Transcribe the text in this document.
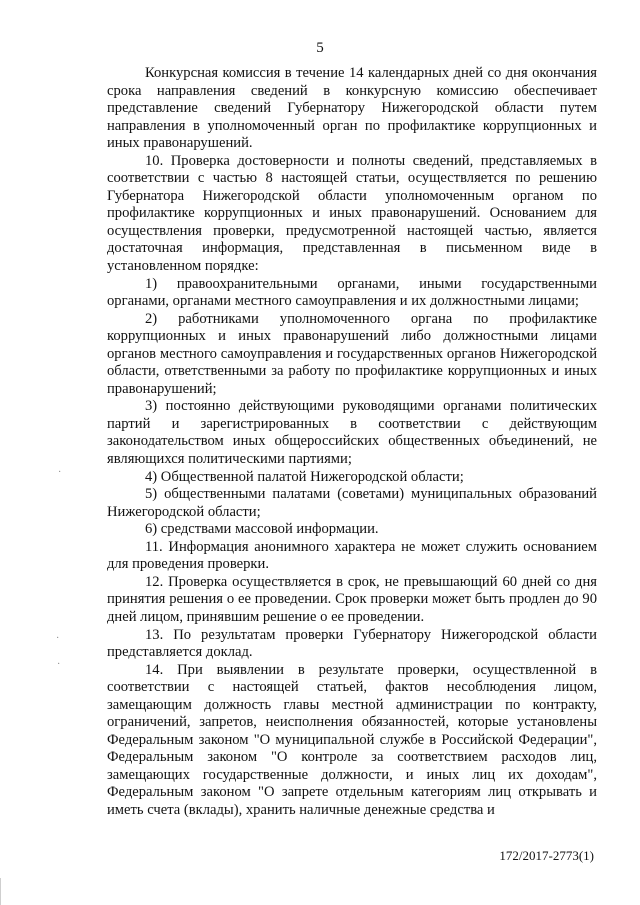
5

Конкурсная комиссия в течение 14 календарных дней со дня окончания срока направления сведений в конкурсную комиссию обеспечивает представление сведений Губернатору Нижегородской области путем направления в уполномоченный орган по профилактике коррупционных и иных правонарушений.

10. Проверка достоверности и полноты сведений, представляемых в соответствии с частью 8 настоящей статьи, осуществляется по решению Губернатора Нижегородской области уполномоченным органом по профилактике коррупционных и иных правонарушений. Основанием для осуществления проверки, предусмотренной настоящей частью, является достаточная информация, представленная в письменном виде в установленном порядке:

1) правоохранительными органами, иными государственными органами, органами местного самоуправления и их должностными лицами;

2) работниками уполномоченного органа по профилактике коррупционных и иных правонарушений либо должностными лицами органов местного самоуправления и государственных органов Нижегородской области, ответственными за работу по профилактике коррупционных и иных правонарушений;

3) постоянно действующими руководящими органами политических партий и зарегистрированных в соответствии с действующим законодательством иных общероссийских общественных объединений, не являющихся политическими партиями;

4) Общественной палатой Нижегородской области;

5) общественными палатами (советами) муниципальных образований Нижегородской области;

6) средствами массовой информации.

11. Информация анонимного характера не может служить основанием для проведения проверки.

12. Проверка осуществляется в срок, не превышающий 60 дней со дня принятия решения о ее проведении. Срок проверки может быть продлен до 90 дней лицом, принявшим решение о ее проведении.

13. По результатам проверки Губернатору Нижегородской области представляется доклад.

14. При выявлении в результате проверки, осуществленной в соответствии с настоящей статьей, фактов несоблюдения лицом, замещающим должность главы местной администрации по контракту, ограничений, запретов, неисполнения обязанностей, которые установлены Федеральным законом "О муниципальной службе в Российской Федерации", Федеральным законом "О контроле за соответствием расходов лиц, замещающих государственные должности, и иных лиц их доходам", Федеральным законом "О запрете отдельным категориям лиц открывать и иметь счета (вклады), хранить наличные денежные средства и

172/2017-2773(1)
·
·
·
